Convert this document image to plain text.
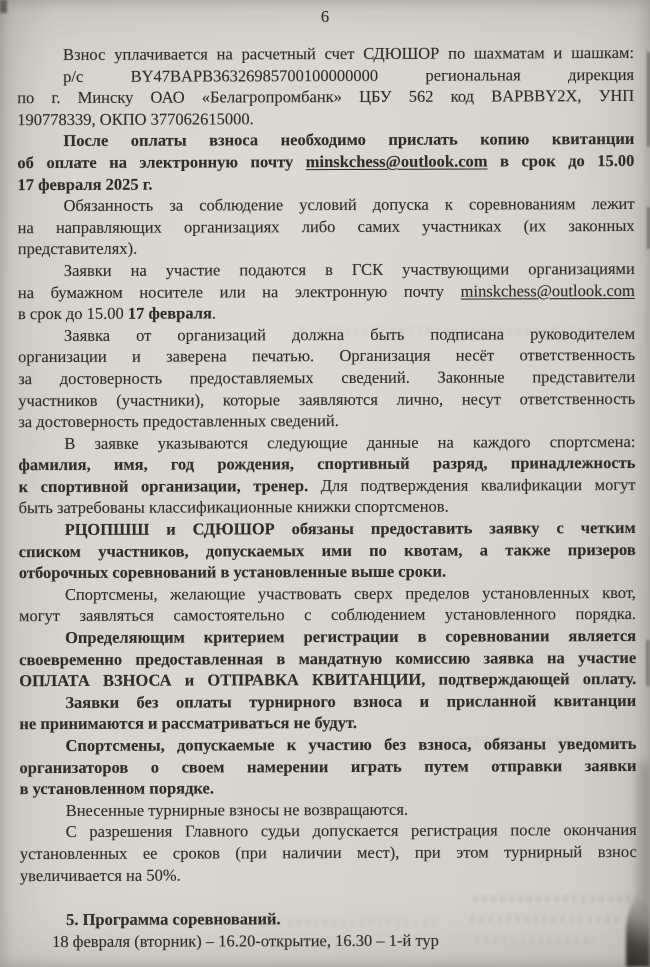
6
Взнос уплачивается на расчетный счет СДЮШОР по шахматам и шашкам:
р/с BY47BAPB36326985700100000000 региональная дирекция
по г. Минску ОАО «Белагропромбанк» ЦБУ 562 код BAPBBY2X, УНП
190778339, ОКПО 377062615000.
После оплаты взноса необходимо прислать копию квитанции
об оплате на электронную почту minskchess@outlook.com в срок до 15.00
17 февраля 2025 г.
Обязанность за соблюдение условий допуска к соревнованиям лежит
на направляющих организациях либо самих участниках (их законных
представителях).
Заявки на участие подаются в ГСК участвующими организациями
на бумажном носителе или на электронную почту minskchess@outlook.com
в срок до 15.00 17 февраля.
Заявка от организаций должна быть подписана руководителем
организации и заверена печатью. Организация несёт ответственность
за достоверность предоставляемых сведений. Законные представители
участников (участники), которые заявляются лично, несут ответственность
за достоверность предоставленных сведений.
В заявке указываются следующие данные на каждого спортсмена:
фамилия, имя, год рождения, спортивный разряд, принадлежность
к спортивной организации, тренер. Для подтверждения квалификации могут
быть затребованы классификационные книжки спортсменов.
РЦОПШШ и СДЮШОР обязаны предоставить заявку с четким
списком участников, допускаемых ими по квотам, а также призеров
отборочных соревнований в установленные выше сроки.
Спортсмены, желающие участвовать сверх пределов установленных квот,
могут заявляться самостоятельно с соблюдением установленного порядка.
Определяющим критерием регистрации в соревновании является
своевременно предоставленная в мандатную комиссию заявка на участие
ОПЛАТА ВЗНОСА и ОТПРАВКА КВИТАНЦИИ, подтверждающей оплату.
Заявки без оплаты турнирного взноса и присланной квитанции
не принимаются и рассматриваться не будут.
Спортсмены, допускаемые к участию без взноса, обязаны уведомить
организаторов о своем намерении играть путем отправки заявки
в установленном порядке.
Внесенные турнирные взносы не возвращаются.
С разрешения Главного судьи допускается регистрация после окончания
установленных ее сроков (при наличии мест), при этом турнирный взнос
увеличивается на 50%.
5. Программа соревнований.
18 февраля (вторник) – 16.20-открытие, 16.30 – 1-й тур
